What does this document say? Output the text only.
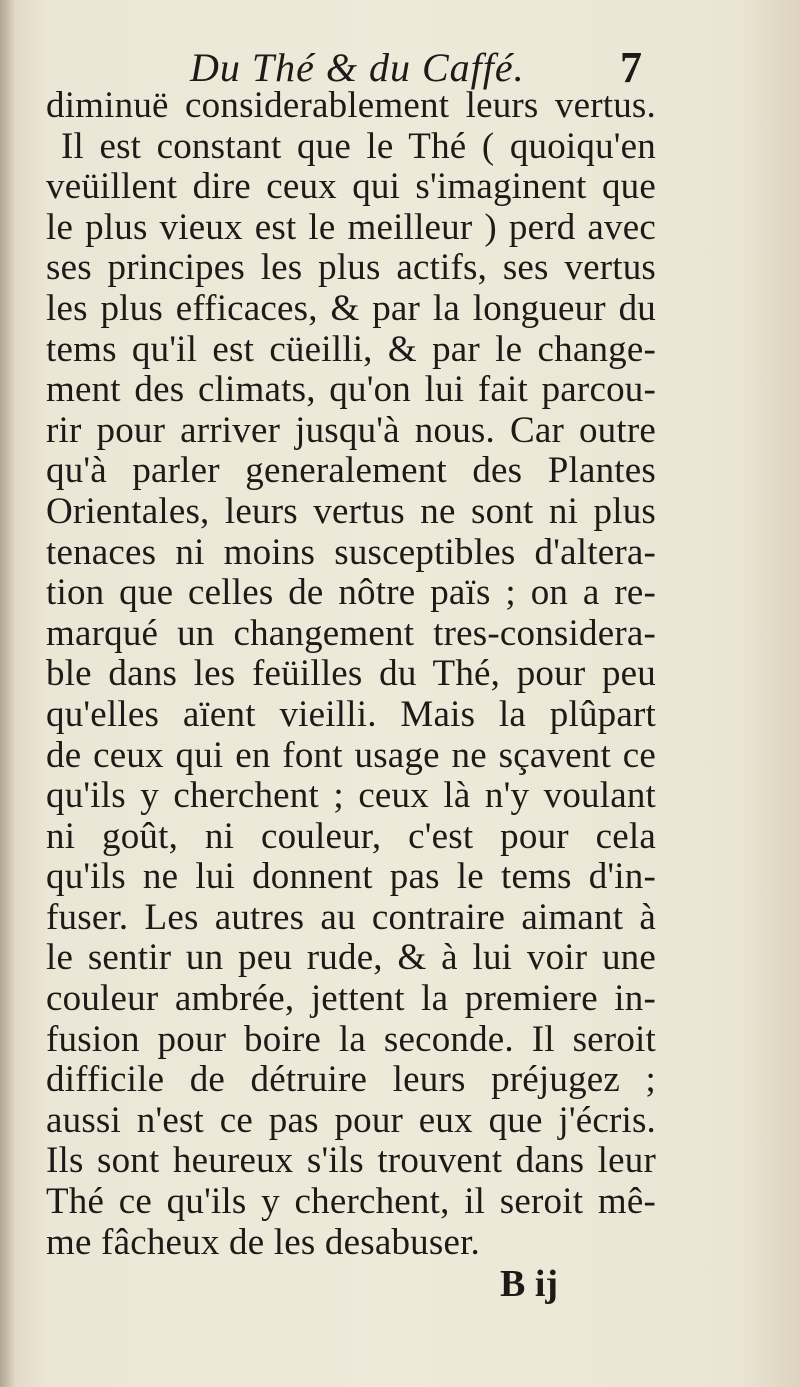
Du Thé & du Caffé. 7
diminuë considerablement leurs vertus.
Il est constant que le Thé ( quoiqu'en
veüillent dire ceux qui s'imaginent que
le plus vieux est le meilleur ) perd avec
ses principes les plus actifs, ses vertus
les plus efficaces, & par la longueur du
tems qu'il est cüeilli, & par le change-
ment des climats, qu'on lui fait parcou-
rir pour arriver jusqu'à nous. Car outre
qu'à parler generalement des Plantes
Orientales, leurs vertus ne sont ni plus
tenaces ni moins susceptibles d'altera-
tion que celles de nôtre païs ; on a re-
marqué un changement tres-considera-
ble dans les feüilles du Thé, pour peu
qu'elles aïent vieilli. Mais la plûpart
de ceux qui en font usage ne sçavent ce
qu'ils y cherchent ; ceux là n'y voulant
ni goût, ni couleur, c'est pour cela
qu'ils ne lui donnent pas le tems d'in-
fuser. Les autres au contraire aimant à
le sentir un peu rude, & à lui voir une
couleur ambrée, jettent la premiere in-
fusion pour boire la seconde. Il seroit
difficile de détruire leurs préjugez ;
aussi n'est ce pas pour eux que j'écris.
Ils sont heureux s'ils trouvent dans leur
Thé ce qu'ils y cherchent, il seroit mê-
me fâcheux de les desabuser.
B ij
